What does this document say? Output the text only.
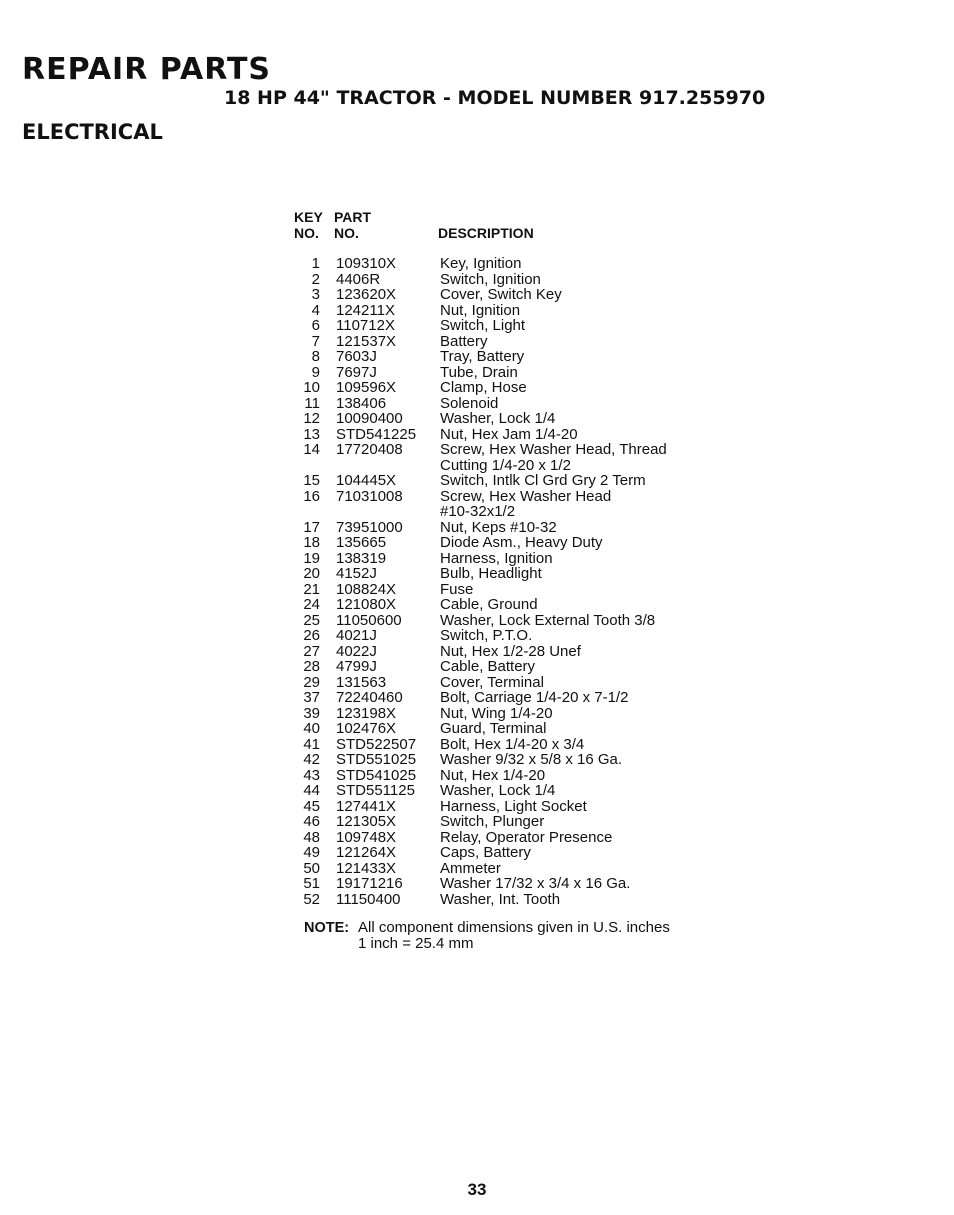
REPAIR PARTS
18 HP 44" TRACTOR - MODEL NUMBER 917.255970
ELECTRICAL
KEY
NO.
PART
NO.	DESCRIPTION
1 109310X	Key, Ignition
2 4406R	Switch, Ignition
3 123620X	Cover, Switch Key
4 124211X	Nut, Ignition
6 110712X	Switch, Light
7 121537X	Battery
8 7603J	Tray, Battery
9 7697J	Tube, Drain
10 109596X	Clamp, Hose
11 138406	Solenoid
12 10090400 Washer, Lock 1/4
13 STD541225 Nut, Hex Jam 1/4-20
14 17720408 Screw, Hex Washer Head, Thread
Cutting 1/4-20 x 1/2
15 104445X	Switch, Intlk Cl Grd Gry 2 Term
16 71031008 Screw, Hex Washer Head
#10-32x1/2
17 73951000 Nut, Keps #10-32
18 135665	Diode Asm., Heavy Duty
19 138319	Harness, Ignition
20 4152J	Bulb, Headlight
21 108824X	Fuse
24 121080X	Cable, Ground
25 11050600	Washer, Lock External Tooth 3/8
26 4021J	Switch, P.T.O.
27 4022J	Nut, Hex 1/2-28 Unef
28 4799J	Cable, Battery
29 131563	Cover, Terminal
37 72240460 Bolt, Carriage 1/4-20 x 7-1/2
39 123198X	Nut, Wing 1/4-20
40 102476X	Guard, Terminal
41 STD522507 Bolt, Hex 1/4-20 x 3/4
42 STD551025 Washer 9/32 x 5/8 x 16 Ga.
43 STD541025 Nut, Hex 1/4-20
44 STD551125 Washer, Lock 1/4
45 127441X	Harness, Light Socket
46 121305X	Switch, Plunger
48 109748X	Relay, Operator Presence
49 121264X	Caps, Battery
50 121433X	Ammeter
51 19171216 Washer 17/32 x 3/4 x 16 Ga.
52 11150400	Washer, Int. Tooth
NOTE: All component dimensions given in U.S. inches
1 inch = 25.4 mm
33
